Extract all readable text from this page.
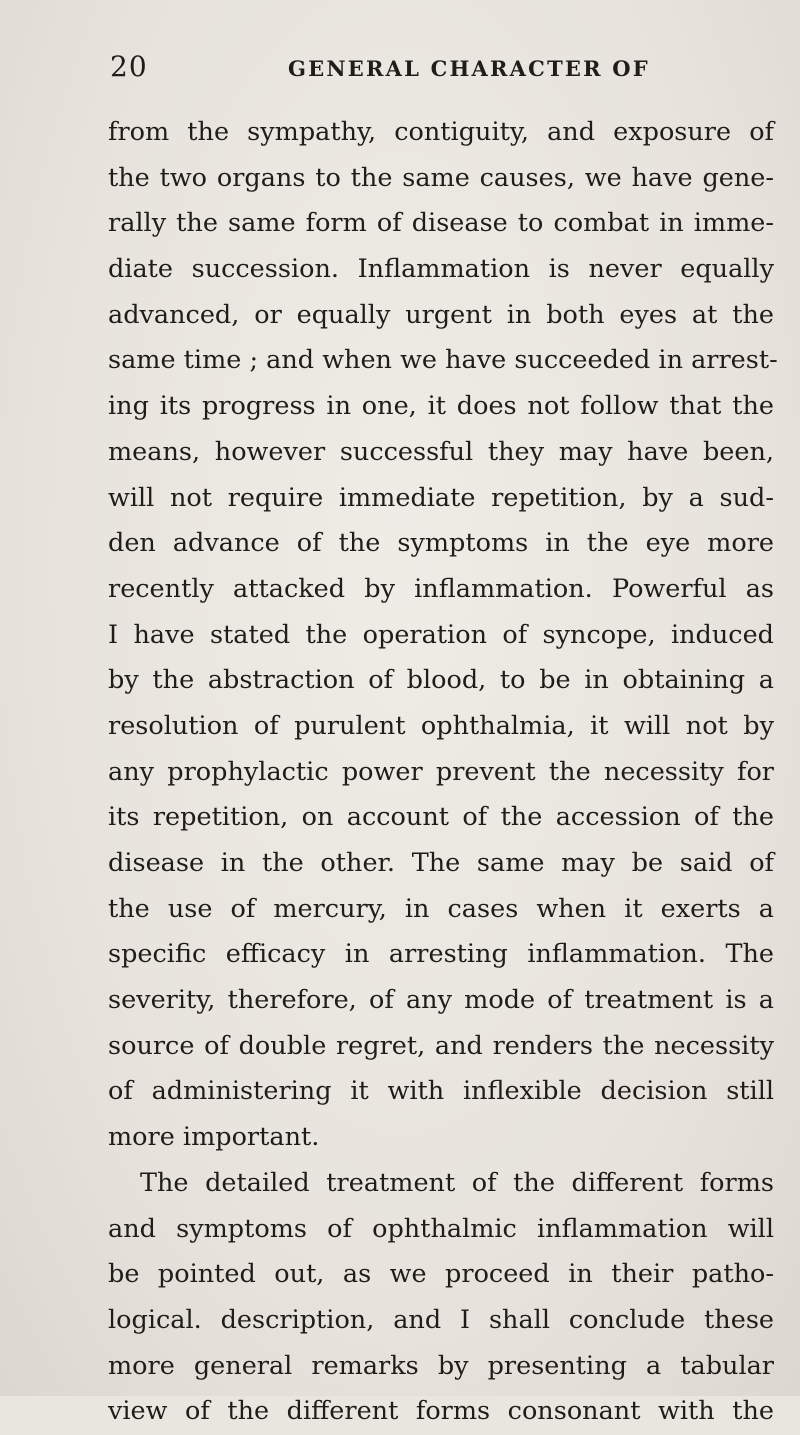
20	GENERAL CHARACTER OF
from the sympathy, contiguity, and exposure of
the two organs to the same causes, we have gene-
rally the same form of disease to combat in imme-
diate succession. Inflammation is never equally
advanced, or equally urgent in both eyes at the
same time ; and when we have succeeded in arrest-
ing its progress in one, it does not follow that the
means, however successful they may have been,
will not require immediate repetition, by a sud-
den advance of the symptoms in the eye more
recently attacked by inflammation. Powerful as
I have stated the operation of syncope, induced
by the abstraction of blood, to be in obtaining a
resolution of purulent ophthalmia, it will not by
any prophylactic power prevent the necessity for
its repetition, on account of the accession of the
disease in the other. The same may be said of
the use of mercury, in cases when it exerts a
specific efficacy in arresting inflammation. The
severity, therefore, of any mode of treatment is a
source of double regret, and renders the necessity
of administering it with inflexible decision still
more important.
The detailed treatment of the different forms
and symptoms of ophthalmic inflammation will
be pointed out, as we proceed in their patho-
logical. description, and I shall conclude these
more general remarks by presenting a tabular
view of the different forms consonant with the
